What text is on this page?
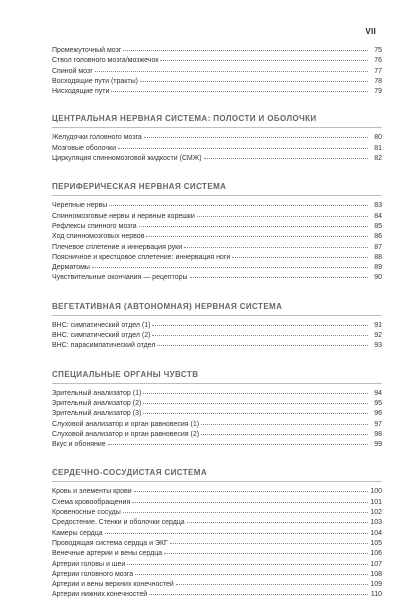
VII
Промежуточный мозг	75
Ствол головного мозга/мозжечок	76
Спиной мозг	77
Восходящие пути (тракты)	78
Нисходящие пути	79
ЦЕНТРАЛЬНАЯ НЕРВНАЯ СИСТЕМА: ПОЛОСТИ И ОБОЛОЧКИ
Желудочки головного мозга	80
Мозговые оболочки	81
Циркуляция спинномозговой жидкости (СМЖ)	82
ПЕРИФЕРИЧЕСКАЯ НЕРВНАЯ СИСТЕМА
Черепные нервы	83
Спинномозговые нервы и нервные корешки	84
Рефлексы спинного мозга	85
Ход спинномозговых нервов	86
Плечевое сплетение и иннервация руки	87
Поясничное и крестцовое сплетение: иннервация ноги	88
Дерматомы	89
Чувствительные окончания — рецепторы	90
ВЕГЕТАТИВНАЯ (АВТОНОМНАЯ) НЕРВНАЯ СИСТЕМА
ВНС: симпатический отдел (1)	91
ВНС: симпатический отдел (2)	92
ВНС: парасимпатический отдел	93
СПЕЦИАЛЬНЫЕ ОРГАНЫ ЧУВСТВ
Зрительный анализатор (1)	94
Зрительный анализатор (2)	95
Зрительный анализатор (3)	96
Слуховой анализатор и орган равновесия (1)	97
Слуховой анализатор и орган равновесия (2)	98
Вкус и обоняние	99
СЕРДЕЧНО-СОСУДИСТАЯ СИСТЕМА
Кровь и элементы крови	100
Схема кровообращения	101
Кровеносные сосуды	102
Средостение. Стенки и оболочки сердца	103
Камеры сердца	104
Проводящая система сердца и ЭКГ	105
Венечные артерии и вены сердца	106
Артерии головы и шеи	107
Артерии головного мозга	108
Артерии и вены верхних конечностей	109
Артерии нижних конечностей	110
